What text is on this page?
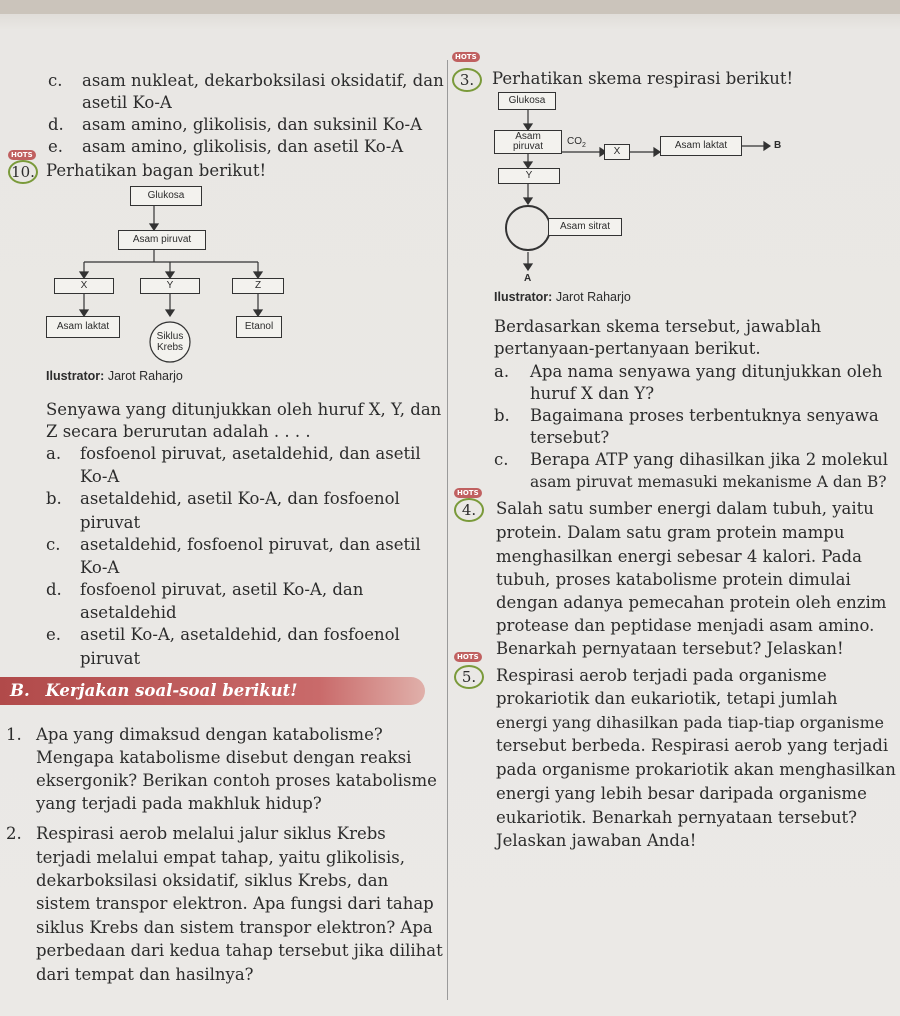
c. asam nukleat, dekarboksilasi oksidatif, dan
asetil Ko-A
d. asam amino, glikolisis, dan suksinil Ko-A
e. asam amino, glikolisis, dan asetil Ko-A
HOTS
10. Perhatikan bagan berikut!
Glukosa
Asam piruvat
X	Y	Z
Asam laktat
Siklus
Krebs
Etanol
Ilustrator: Jarot Raharjo
Senyawa yang ditunjukkan oleh huruf X, Y, dan
Z secara berurutan adalah . . . .
a. fosfoenol piruvat, asetaldehid, dan asetil
Ko-A
b. asetaldehid, asetil Ko-A, dan fosfoenol
piruvat
c. asetaldehid, fosfoenol piruvat, dan asetil
Ko-A
d. fosfoenol piruvat, asetil Ko-A, dan
asetaldehid
e. asetil Ko-A, asetaldehid, dan fosfoenol
piruvat
B. Kerjakan soal-soal berikut!
1. Apa yang dimaksud dengan katabolisme?
Mengapa katabolisme disebut dengan reaksi
eksergonik? Berikan contoh proses katabolisme
yang terjadi pada makhluk hidup?
2. Respirasi aerob melalui jalur siklus Krebs
terjadi melalui empat tahap, yaitu glikolisis,
dekarboksilasi oksidatif, siklus Krebs, dan
sistem transpor elektron. Apa fungsi dari tahap
siklus Krebs dan sistem transpor elektron? Apa
perbedaan dari kedua tahap tersebut jika dilihat
dari tempat dan hasilnya?
HOTS
3.	Perhatikan skema respirasi berikut!
Glukosa
Asam
piruvat $CO_2$
X
Asam laktat	B
Y
Asam sitrat
A
Ilustrator: Jarot Raharjo
Berdasarkan skema tersebut, jawablah
pertanyaan-pertanyaan berikut.
a. Apa nama senyawa yang ditunjukkan oleh
huruf X dan Y?
b. Bagaimana proses terbentuknya senyawa
tersebut?
c. Berapa ATP yang dihasilkan jika 2 molekul
asam piruvat memasuki mekanisme A dan B?
HOTS
4.	Salah satu sumber energi dalam tubuh, yaitu
protein. Dalam satu gram protein mampu
menghasilkan energi sebesar 4 kalori. Pada
tubuh, proses katabolisme protein dimulai
dengan adanya pemecahan protein oleh enzim
protease dan peptidase menjadi asam amino.
Benarkah pernyataan tersebut? Jelaskan!
HOTS
5.	Respirasi aerob terjadi pada organisme
prokariotik dan eukariotik, tetapi jumlah
energi yang dihasilkan pada tiap-tiap organisme
tersebut berbeda. Respirasi aerob yang terjadi
pada organisme prokariotik akan menghasilkan
energi yang lebih besar daripada organisme
eukariotik. Benarkah pernyataan tersebut?
Jelaskan jawaban Anda!
